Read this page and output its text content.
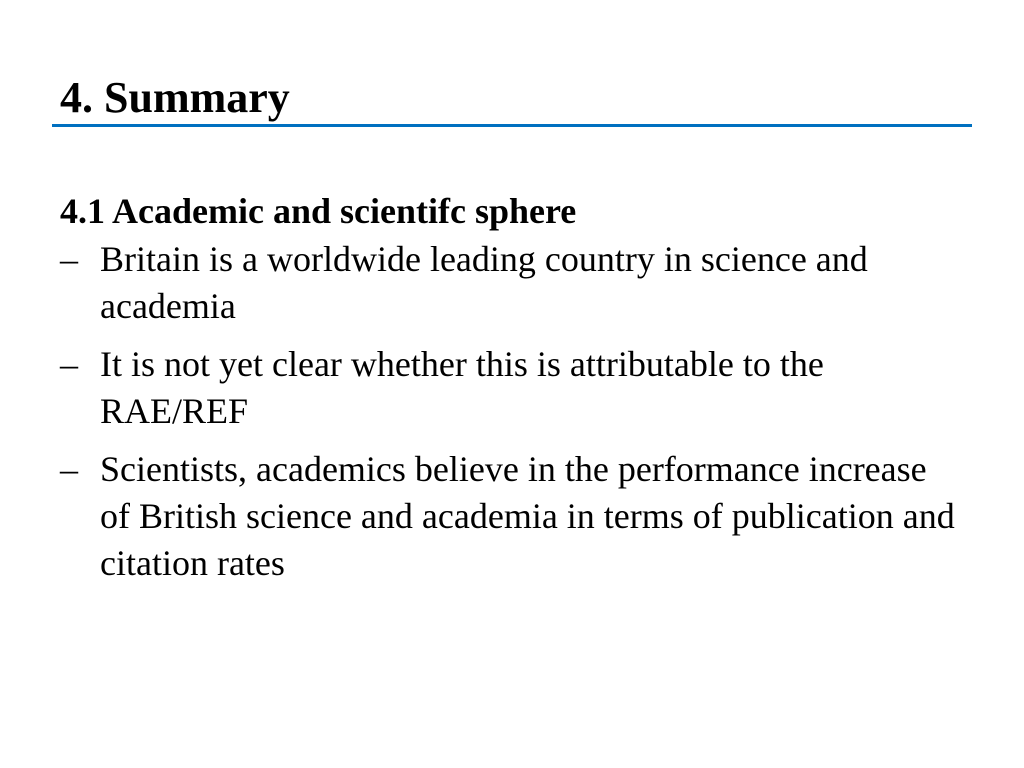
4. Summary
4.1 Academic and scientifc sphere
– Britain is a worldwide leading country in science and academia
– It is not yet clear whether this is attributable to the RAE/REF
– Scientists, academics believe in the performance increase of British science and academia in terms of publication and citation rates
